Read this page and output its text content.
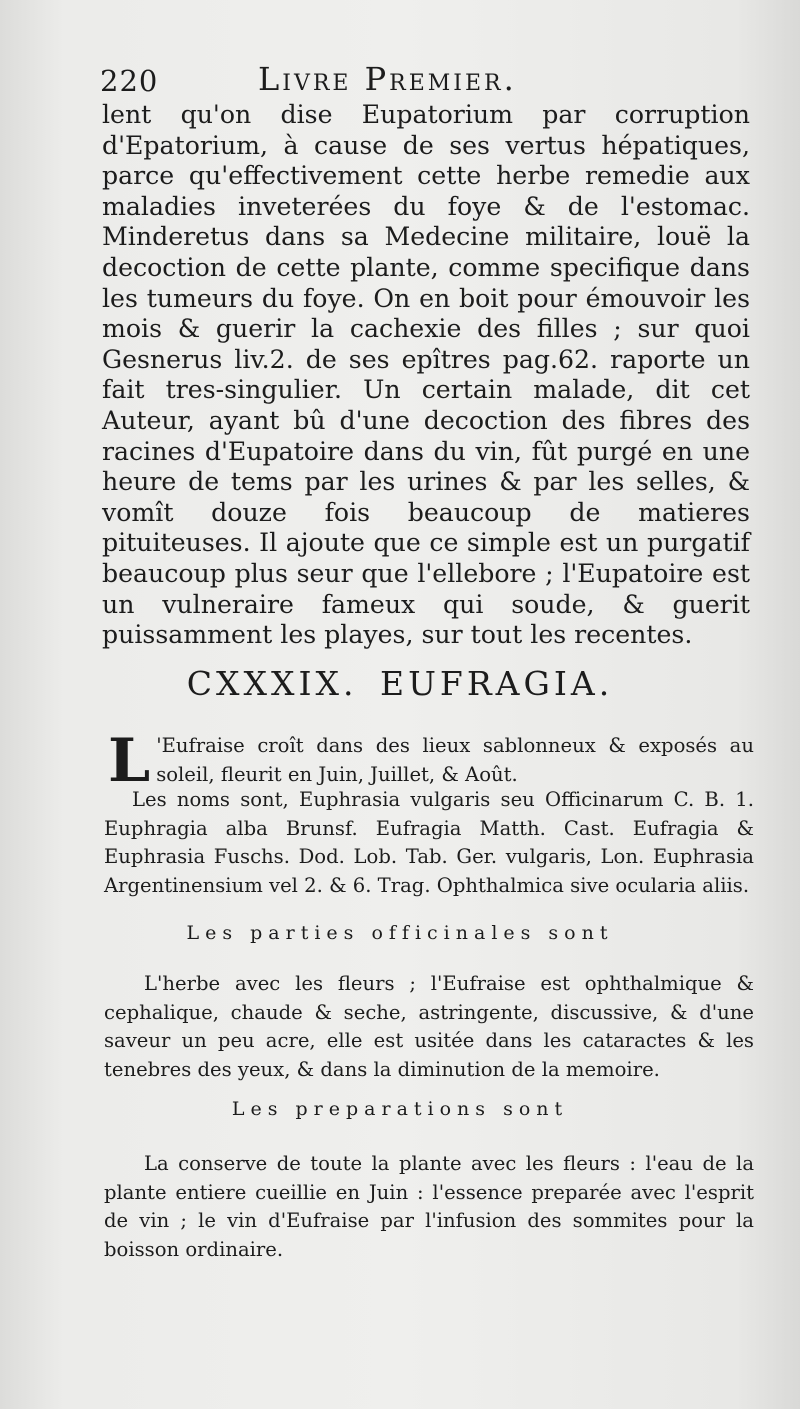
220	Livre Premier.

lent qu'on dise Eupatorium par corruption d'Epatorium, à cause de ses vertus hépatiques, parce qu'effectivement cette herbe remedie aux maladies inveterées du foye & de l'estomac. Minderetus dans sa Medecine militaire, louë la decoction de cette plante, comme specifique dans les tumeurs du foye. On en boit pour émouvoir les mois & guerir la cachexie des filles ; sur quoi Gesnerus liv.2. de ses epîtres pag.62. raporte un fait tres-singulier. Un certain malade, dit cet Auteur, ayant bû d'une decoction des fibres des racines d'Eupatoire dans du vin, fût purgé en une heure de tems par les urines & par les selles, & vomît douze fois beaucoup de matieres pituiteuses. Il ajoute que ce simple est un purgatif beaucoup plus seur que l'ellebore ; l'Eupatoire est un vulneraire fameux qui soude, & guerit puissamment les playes, sur tout les recentes.

CXXXIX. EUFRAGIA.
L 'Eufraise croît dans des lieux sablonneux & exposés au soleil, fleurit en Juin, Juillet, & Août.

Les noms sont, Euphrasia vulgaris seu Officinarum C. B. 1. Euphragia alba Brunsf. Eufragia Matth. Cast. Eufragia & Euphrasia Fuschs. Dod. Lob. Tab. Ger. vulgaris, Lon. Euphrasia Argentinensium vel 2. & 6. Trag. Ophthalmica sive ocularia aliis.

Les parties officinales sont

L'herbe avec les fleurs ; l'Eufraise est ophthalmique & cephalique, chaude & seche, astringente, discussive, & d'une saveur un peu acre, elle est usitée dans les cataractes & les tenebres des yeux, & dans la diminution de la memoire.

Les preparations sont

La conserve de toute la plante avec les fleurs : l'eau de la plante entiere cueillie en Juin : l'essence preparée avec l'esprit de vin ; le vin d'Eufraise par l'infusion des sommites pour la boisson ordinaire.
